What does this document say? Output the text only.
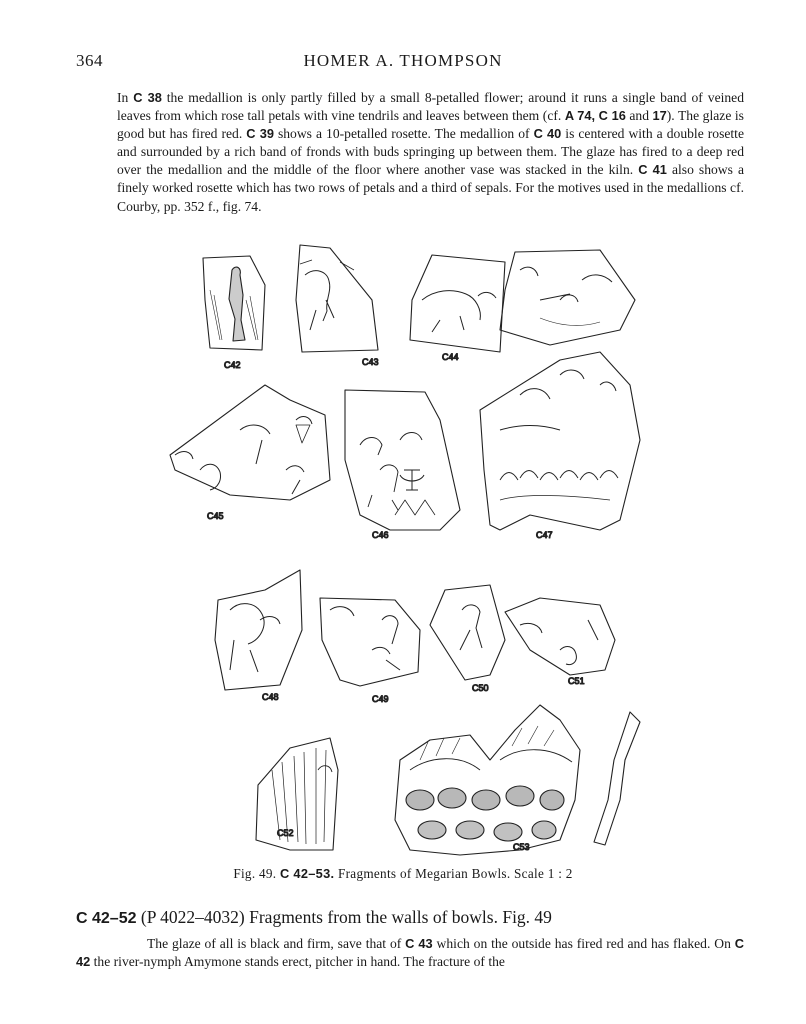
364	HOMER A. THOMPSON

In C 38 the medallion is only partly filled by a small 8-petalled flower; around it runs a single band of veined leaves from which rose tall petals with vine tendrils and leaves between them (cf. A 74, C 16 and 17). The glaze is good but has fired red. C 39 shows a 10-petalled rosette. The medallion of C 40 is centered with a double rosette and surrounded by a rich band of fronds with buds springing up between them. The glaze has fired to a deep red over the medallion and the middle of the floor where another vase was stacked in the kiln. C 41 also shows a finely worked rosette which has two rows of petals and a third of sepals. For the motives used in the medallions cf. Courby, pp. 352 f., fig. 74.

C42	C43	C44
C45
C46	C47
C48	C49
C50
C51
C52
C53
Fig. 49. C 42–53. Fragments of Megarian Bowls. Scale 1 : 2
C 42–52 (P 4022–4032) Fragments from the walls of bowls. Fig. 49

The glaze of all is black and firm, save that of C 43 which on the outside has fired red and has flaked. On C 42 the river-nymph Amymone stands erect, pitcher in hand. The fracture of the
